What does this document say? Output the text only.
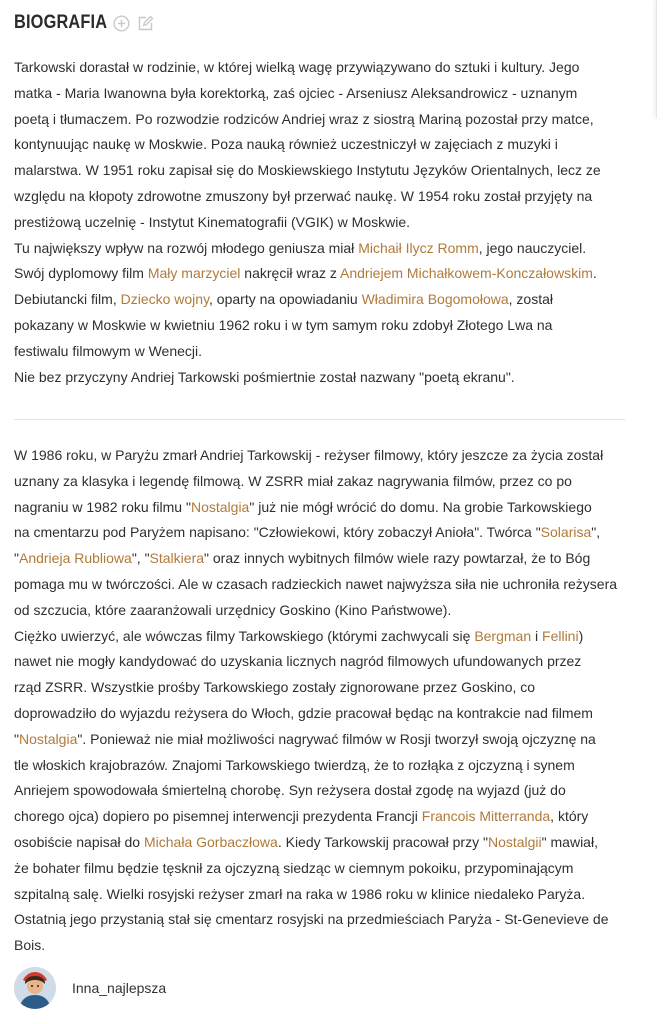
BIOGRAFIA
Tarkowski dorastał w rodzinie, w której wielką wagę przywiązywano do sztuki i kultury. Jego
matka - Maria Iwanowna była korektorką, zaś ojciec - Arseniusz Aleksandrowicz - uznanym
poetą i tłumaczem. Po rozwodzie rodziców Andriej wraz z siostrą Mariną pozostał przy matce,
kontynuując naukę w Moskwie. Poza nauką również uczestniczył w zajęciach z muzyki i
malarstwa. W 1951 roku zapisał się do Moskiewskiego Instytutu Języków Orientalnych, lecz ze
względu na kłopoty zdrowotne zmuszony był przerwać naukę. W 1954 roku został przyjęty na
prestiżową uczelnię - Instytut Kinematografii (VGIK) w Moskwie.
Tu największy wpływ na rozwój młodego geniusza miał Michaił Ilycz Romm, jego nauczyciel.
Swój dyplomowy film Mały marzyciel nakręcił wraz z Andriejem Michałkowem-Konczałowskim.
Debiutancki film, Dziecko wojny, oparty na opowiadaniu Władimira Bogomołowa, został
pokazany w Moskwie w kwietniu 1962 roku i w tym samym roku zdobył Złotego Lwa na
festiwalu filmowym w Wenecji.
Nie bez przyczyny Andriej Tarkowski pośmiertnie został nazwany "poetą ekranu".
W 1986 roku, w Paryżu zmarł Andriej Tarkowskij - reżyser filmowy, który jeszcze za życia został
uznany za klasyka i legendę filmową. W ZSRR miał zakaz nagrywania filmów, przez co po
nagraniu w 1982 roku filmu "Nostalgia" już nie mógł wrócić do domu. Na grobie Tarkowskiego
na cmentarzu pod Paryżem napisano: "Człowiekowi, który zobaczył Anioła". Twórca "Solarisa",
"Andrieja Rubliowa", "Stalkiera" oraz innych wybitnych filmów wiele razy powtarzał, że to Bóg
pomaga mu w twórczości. Ale w czasach radzieckich nawet najwyższa siła nie uchroniła reżysera
od szczucia, które zaaranżowali urzędnicy Goskino (Kino Państwowe).
Ciężko uwierzyć, ale wówczas filmy Tarkowskiego (którymi zachwycali się Bergman i Fellini)
nawet nie mogły kandydować do uzyskania licznych nagród filmowych ufundowanych przez
rząd ZSRR. Wszystkie prośby Tarkowskiego zostały zignorowane przez Goskino, co
doprowadziło do wyjazdu reżysera do Włoch, gdzie pracował będąc na kontrakcie nad filmem
"Nostalgia". Ponieważ nie miał możliwości nagrywać filmów w Rosji tworzył swoją ojczyznę na
tle włoskich krajobrazów. Znajomi Tarkowskiego twierdzą, że to rozłąka z ojczyzną i synem
Anriejem spowodowała śmiertelną chorobę. Syn reżysera dostał zgodę na wyjazd (już do
chorego ojca) dopiero po pisemnej interwencji prezydenta Francji Francois Mitterranda, który
osobiście napisał do Michała Gorbaczłowa. Kiedy Tarkowskij pracował przy "Nostalgii" mawiał,
że bohater filmu będzie tęsknił za ojczyzną siedząc w ciemnym pokoiku, przypominającym
szpitalną salę. Wielki rosyjski reżyser zmarł na raka w 1986 roku w klinice niedaleko Paryża.
Ostatnią jego przystanią stał się cmentarz rosyjski na przedmieściach Paryża - St-Genevieve de
Bois.
Inna_najlepsza
